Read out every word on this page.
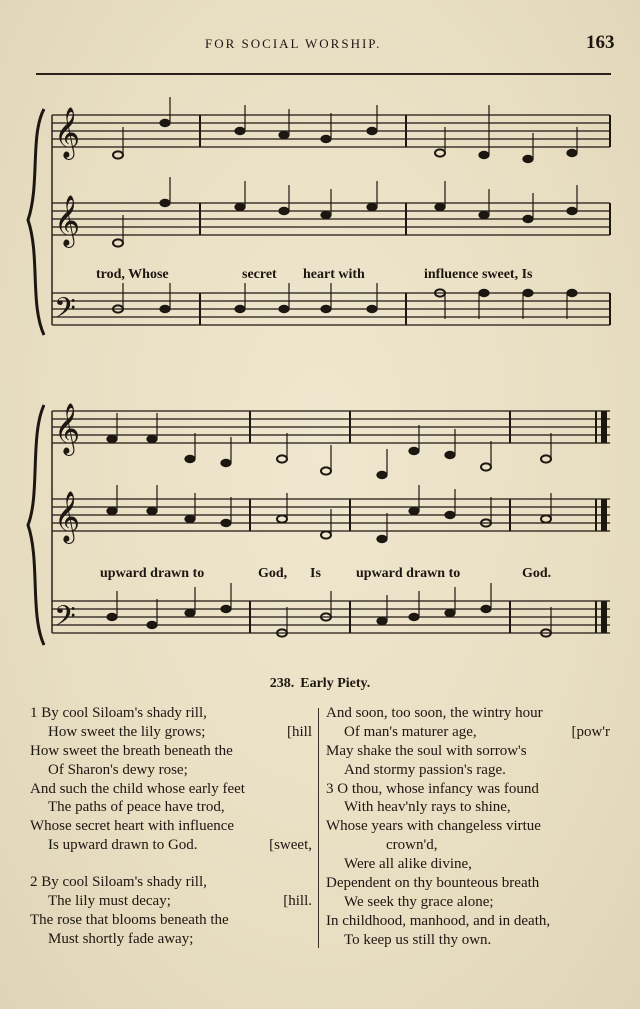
FOR SOCIAL WORSHIP.	163
𝄞
𝄞
𝄢
trod, Whose	secret heart with	influence sweet, Is
𝄞
𝄞
𝄢
upward drawn to	God, Is	upward drawn to	God.
238. Early Piety.
1 By cool Siloam's shady rill,
How sweet the lily grows;	[hill
How sweet the breath beneath the
Of Sharon's dewy rose;
And such the child whose early feet
The paths of peace have trod,
Whose secret heart with influence
Is upward drawn to God.	[sweet,
2 By cool Siloam's shady rill,
The lily must decay;	[hill.
The rose that blooms beneath the
Must shortly fade away;
And soon, too soon, the wintry hour
Of man's maturer age,	[pow'r
May shake the soul with sorrow's
And stormy passion's rage.
3 O thou, whose infancy was found
With heav'nly rays to shine,
Whose years with changeless virtue
crown'd,
Were all alike divine,
Dependent on thy bounteous breath
We seek thy grace alone;
In childhood, manhood, and in death,
To keep us still thy own.
